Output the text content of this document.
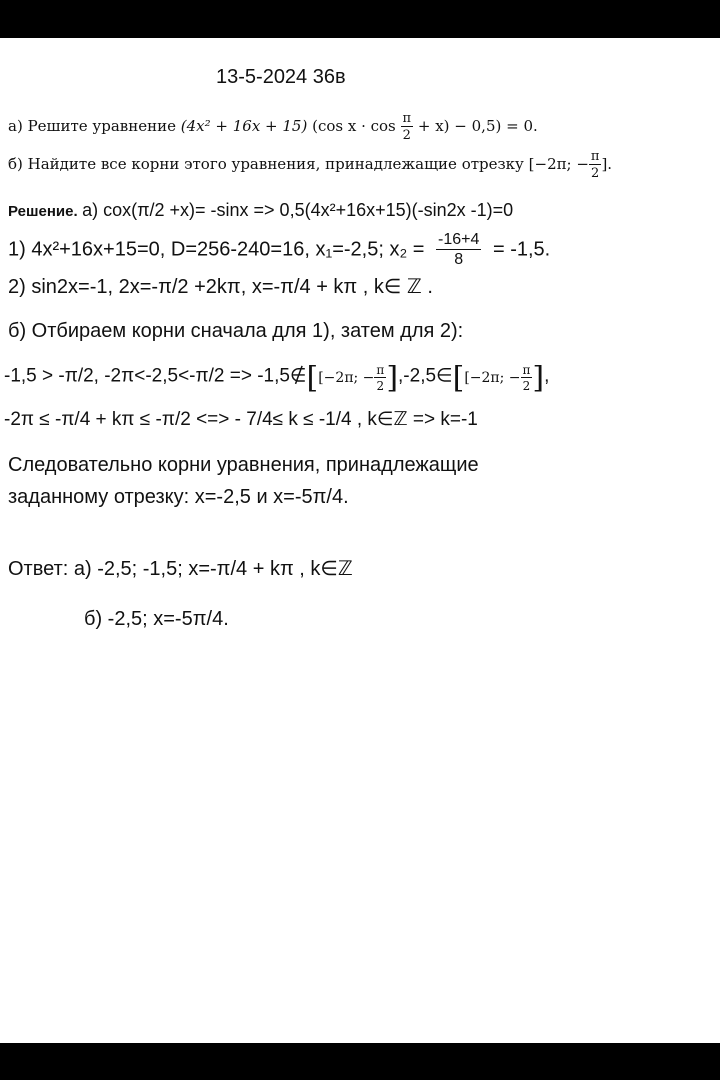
13-5-2024 36в
а) Решите уравнение (4x² + 16x + 15) (cos $x \cdot \cos \frac{\pi}{2} + x) - 0,5) = 0$.
б) Найдите все корни этого уравнения, принадлежащие отрезку [−2π; − $\frac{\pi}{2}$ ].
Решение. а) cox(π/2 +x)= -sinx => 0,5(4x²+16x+15)(-sin2x -1)=0
1) 4x²+16x+15=0, D=256-240=16, x₁=-2,5; $x_2 = \frac{-16+4}{8} = -1,5$.
2) sin2x=-1, 2x=-π/2 +2kπ, x=-π/4 + kπ , k∈ ℤ .
б) Отбираем корни сначала для 1), затем для 2):
-1,5 > -π/2, -2π<-2,5<-π/2 => -1,5∉[[−2π; − $\frac{\pi}{2}$ ],-2,5∈[[−2π; − $\frac{\pi}{2}$ ],
-2π ≤ -π/4 + kπ ≤ -π/2 <=> - 7/4≤ k ≤ -1/4 , k∈ℤ => k=-1
Следовательно корни уравнения, принадлежащие
заданному отрезку: x=-2,5 и x=-5π/4.
Ответ: а) -2,5; -1,5; x=-π/4 + kπ , k∈ℤ
б) -2,5; x=-5π/4.
